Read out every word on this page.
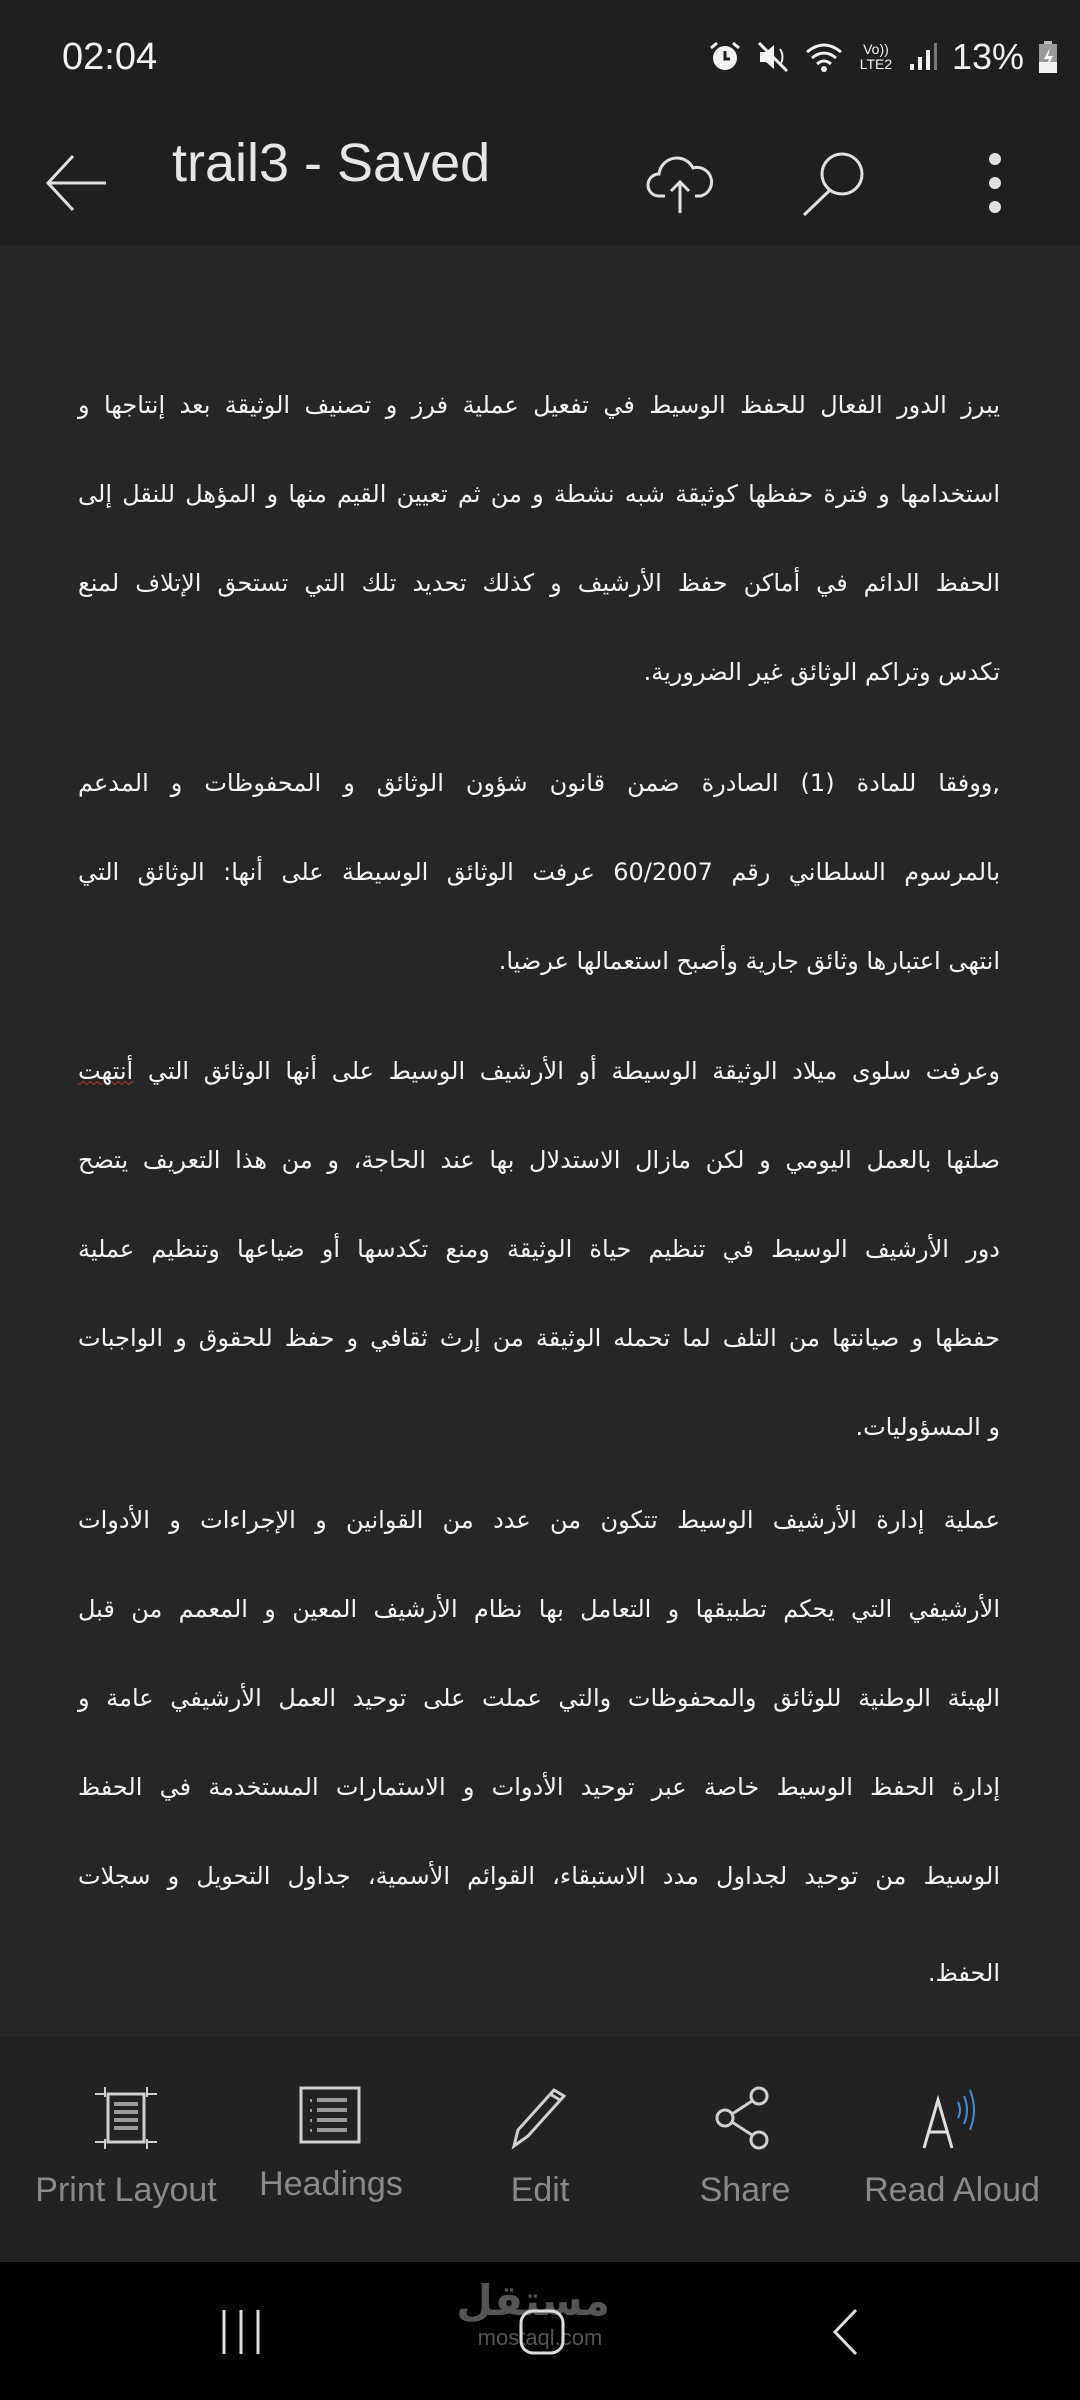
02:04	Vo)) LTE2 13%
trail3 - Saved
يبرز الدور الفعال للحفظ الوسيط في تفعيل عملية فرز و تصنيف الوثيقة بعد إنتاجها و
استخدامها و فترة حفظها كوثيقة شبه نشطة و من ثم تعيين القيم منها و المؤهل للنقل إلى
الحفظ الدائم في أماكن حفظ الأرشيف و كذلك تحديد تلك التي تستحق الإتلاف لمنع
تكدس وتراكم الوثائق غير الضرورية.
,ووفقا للمادة (1) الصادرة ضمن قانون شؤون الوثائق و المحفوظات و المدعم
بالمرسوم السلطاني رقم 60/2007 عرفت الوثائق الوسيطة على أنها: الوثائق التي
انتهى اعتبارها وثائق جارية وأصبح استعمالها عرضيا.
وعرفت سلوى ميلاد الوثيقة الوسيطة أو الأرشيف الوسيط على أنها الوثائق التي أنتهت
صلتها بالعمل اليومي و لكن مازال الاستدلال بها عند الحاجة، و من هذا التعريف يتضح
دور الأرشيف الوسيط في تنظيم حياة الوثيقة ومنع تكدسها أو ضياعها وتنظيم عملية
حفظها و صيانتها من التلف لما تحمله الوثيقة من إرث ثقافي و حفظ للحقوق و الواجبات
و المسؤوليات.
عملية إدارة الأرشيف الوسيط تتكون من عدد من القوانين و الإجراءات و الأدوات
الأرشيفي التي يحكم تطبيقها و التعامل بها نظام الأرشيف المعين و المعمم من قبل
الهيئة الوطنية للوثائق والمحفوظات والتي عملت على توحيد العمل الأرشيفي عامة و
إدارة الحفظ الوسيط خاصة عبر توحيد الأدوات و الاستمارات المستخدمة في الحفظ
الوسيط من توحيد لجداول مدد الاستبقاء، القوائم الأسمية، جداول التحويل و سجلات
الحفظ.
Print Layout	Headings	Edit	Share	Read Aloud
مستقل
mostaql.com
